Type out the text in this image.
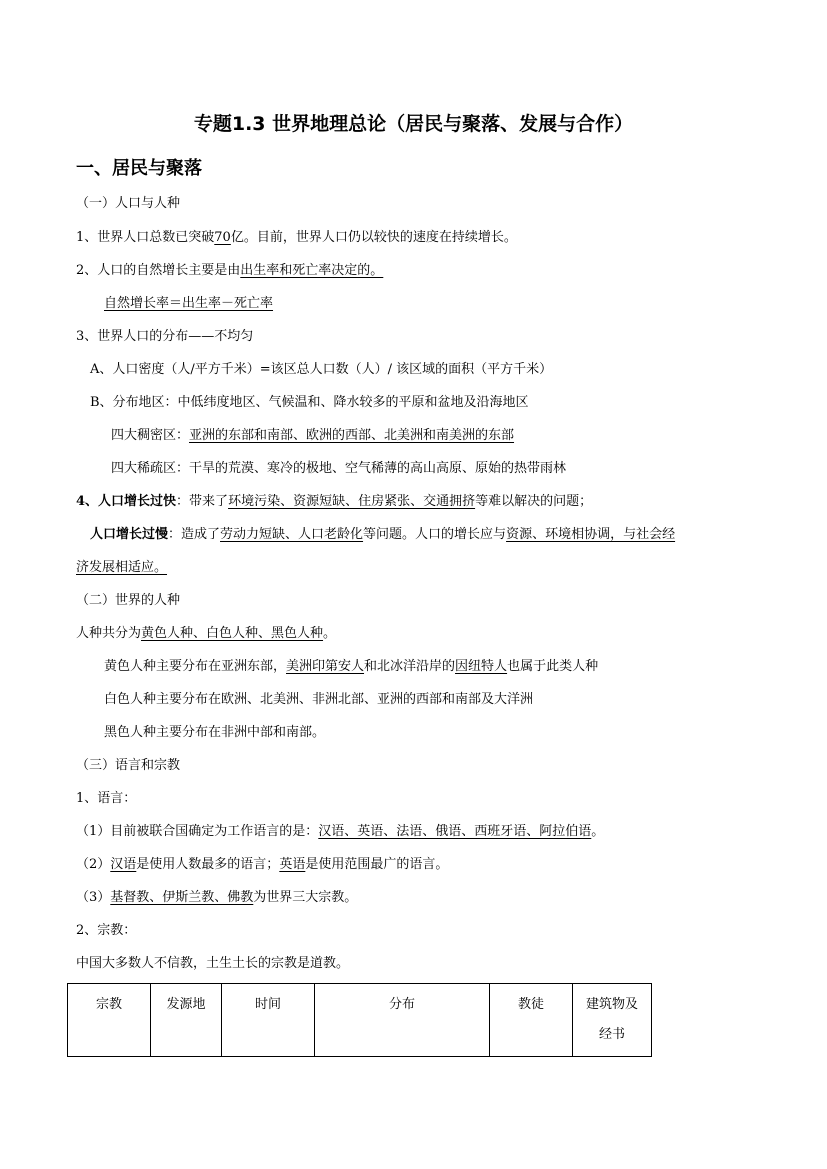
专题1.3 世界地理总论（居民与聚落、发展与合作）
一、居民与聚落
（一）人口与人种
1、世界人口总数已突破70亿。目前，世界人口仍以较快的速度在持续增长。
2、人口的自然增长主要是由出生率和死亡率决定的。
自然增长率＝出生率－死亡率
3、世界人口的分布——不均匀
A、人口密度（人/平方千米）=该区总人口数（人）/ 该区域的面积（平方千米）
B、分布地区：中低纬度地区、气候温和、降水较多的平原和盆地及沿海地区
四大稠密区：亚洲的东部和南部、欧洲的西部、北美洲和南美洲的东部
四大稀疏区：干旱的荒漠、寒冷的极地、空气稀薄的高山高原、原始的热带雨林
4、人口增长过快：带来了环境污染、资源短缺、住房紧张、交通拥挤等难以解决的问题；
人口增长过慢：造成了劳动力短缺、人口老龄化等问题。人口的增长应与资源、环境相协调，与社会经
济发展相适应。
（二）世界的人种
人种共分为黄色人种、白色人种、黑色人种。
黄色人种主要分布在亚洲东部，美洲印第安人和北冰洋沿岸的因纽特人也属于此类人种
白色人种主要分布在欧洲、北美洲、非洲北部、亚洲的西部和南部及大洋洲
黑色人种主要分布在非洲中部和南部。
（三）语言和宗教
1、语言：
（1）目前被联合国确定为工作语言的是：汉语、英语、法语、俄语、西班牙语、阿拉伯语。
（2）汉语是使用人数最多的语言；英语是使用范围最广的语言。
（3）基督教、伊斯兰教、佛教为世界三大宗教。
2、宗教：
中国大多数人不信教，土生土长的宗教是道教。
宗教	发源地	时间	分布	教徒	建筑物及
经书
